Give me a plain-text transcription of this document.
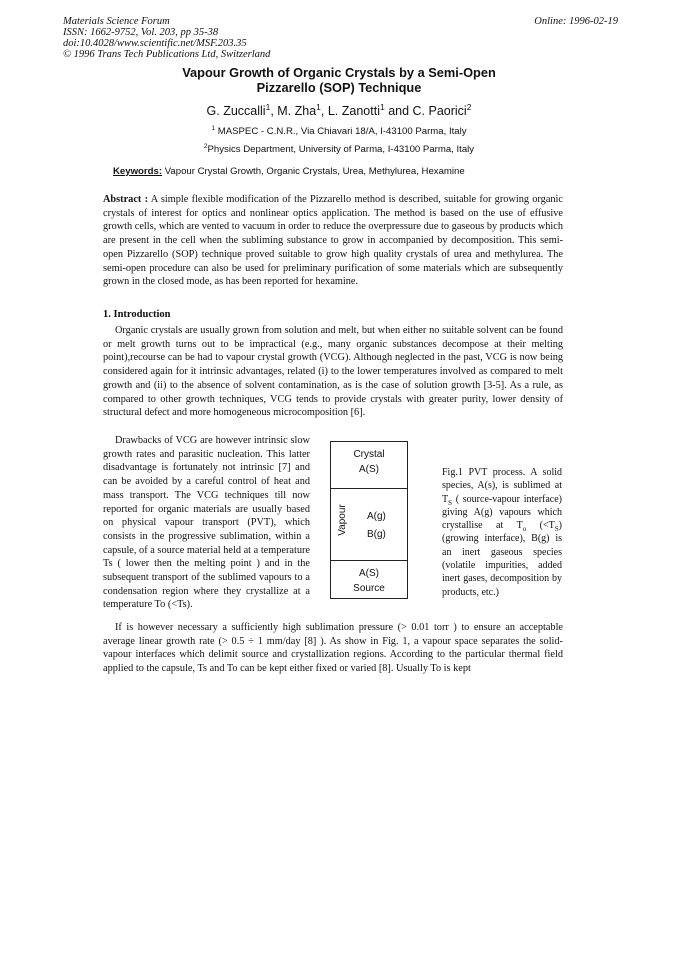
Materials Science Forum
ISSN: 1662-9752, Vol. 203, pp 35-38
doi:10.4028/www.scientific.net/MSF.203.35
© 1996 Trans Tech Publications Ltd, Switzerland
Online: 1996-02-19
Vapour Growth of Organic Crystals by a Semi-Open
Pizzarello (SOP) Technique
G. Zuccalli$^1$, M. Zha$^1$, L. Zanotti$^1$ and C. Paorici$^2$
$^1$ MASPEC - C.N.R., Via Chiavari 18/A, I-43100 Parma, Italy
$^2$Physics Department, University of Parma, I-43100 Parma, Italy
Keywords: Vapour Crystal Growth, Organic Crystals, Urea, Methylurea, Hexamine

Abstract : A simple flexible modification of the Pizzarello method is described, suitable for growing organic crystals of interest for optics and nonlinear optics application. The method is based on the use of effusive growth cells, which are vented to vacuum in order to reduce the overpressure due to gaseous by products which are present in the cell when the subliming substance to grow in accompanied by decomposition. This semi-open Pizzarello (SOP) technique proved suitable to grow high quality crystals of urea and methylurea. The semi-open procedure can also be used for preliminary purification of some materials which are subsequently grown in the closed mode, as has been reported for hexamine.

1. Introduction

Organic crystals are usually grown from solution and melt, but when either no suitable solvent can be found or melt growth turns out to be impractical (e.g., many organic substances decompose at their melting point),recourse can be had to vapour crystal growth (VCG). Although neglected in the past, VCG is now being considered again for it intrinsic advantages, related (i) to the lower temperatures involved as compared to melt growth and (ii) to the absence of solvent contamination, as is the case of solution growth [3-5]. As a rule, as compared to other growth techniques, VCG tends to provide crystals with greater purity, lower density of structural defect and more homogeneous microcomposition [6].

Drawbacks of VCG are however intrinsic slow growth rates and parasitic nucleation. This latter disadvantage is fortunately not intrinsic [7] and can be avoided by a careful control of heat and mass transport. The VCG techniques till now reported for organic materials are usually based on physical vapour transport (PVT), which consists in the progressive sublimation, within a capsule, of a source material held at a temperature Ts ( lower then the melting point ) and in the subsequent transport of the sublimed vapours to a condensation region where they crystallize at a temperature To (<Ts).

Crystal
A(S)
Vapour A(g)
B(g)
A(S)
Source

Fig.1 PVT process. A solid species, A(s), is sublimed at $T_S$ ( source-vapour interface) giving A(g) vapours which crystallise at $T_o$ $(<T_S)$ (growing interface), B(g) is an inert gaseous species (volatile impurities, added inert gases, decomposition by products, etc.)

If is however necessary a sufficiently high sublimation pressure (> 0.01 torr ) to ensure an acceptable average linear growth rate (> 0.5 ÷ 1 mm/day [8] ). As show in Fig. 1, a vapour space separates the solid-vapour interfaces which delimit source and crystallization regions. According to the particular thermal field applied to the capsule, Ts and To can be kept either fixed or varied [8]. Usually To is kept
